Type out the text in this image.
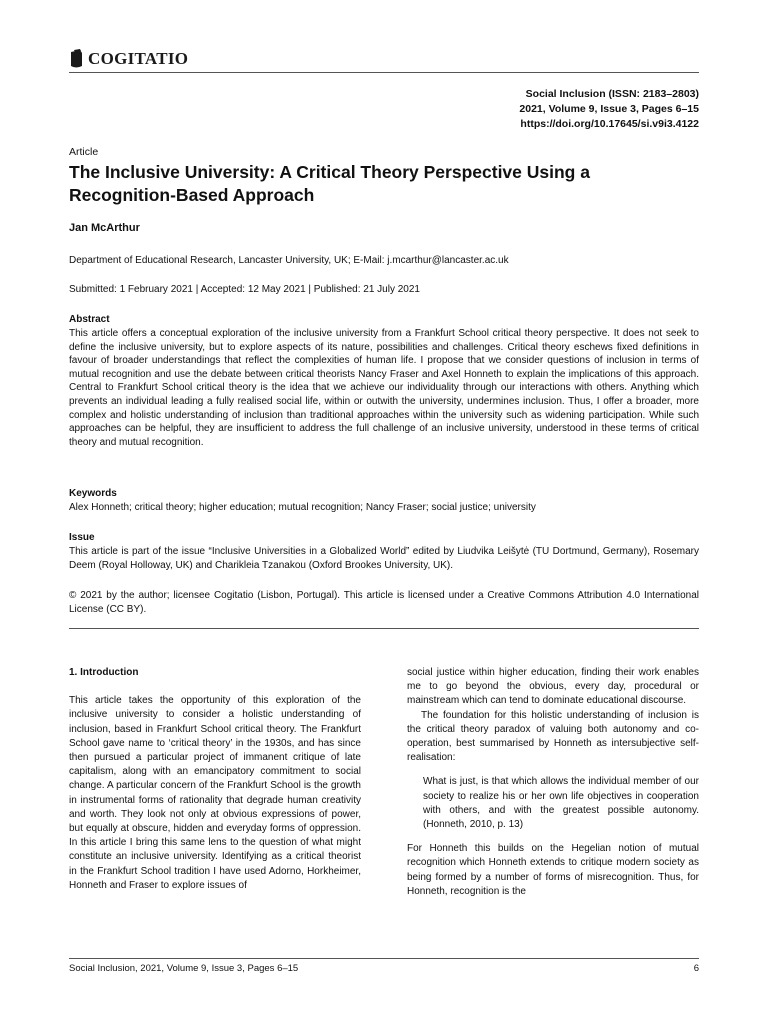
COGITATIO
Social Inclusion (ISSN: 2183–2803)
2021, Volume 9, Issue 3, Pages 6–15
https://doi.org/10.17645/si.v9i3.4122
Article
The Inclusive University: A Critical Theory Perspective Using a Recognition-Based Approach
Jan McArthur
Department of Educational Research, Lancaster University, UK; E-Mail: j.mcarthur@lancaster.ac.uk
Submitted: 1 February 2021 | Accepted: 12 May 2021 | Published: 21 July 2021
Abstract
This article offers a conceptual exploration of the inclusive university from a Frankfurt School critical theory perspective. It does not seek to define the inclusive university, but to explore aspects of its nature, possibilities and challenges. Critical theory eschews fixed definitions in favour of broader understandings that reflect the complexities of human life. I propose that we consider questions of inclusion in terms of mutual recognition and use the debate between critical theorists Nancy Fraser and Axel Honneth to explain the implications of this approach. Central to Frankfurt School critical theory is the idea that we achieve our individuality through our interactions with others. Anything which prevents an individual leading a fully realised social life, within or outwith the university, undermines inclusion. Thus, I offer a broader, more complex and holistic understanding of inclusion than traditional approaches within the university such as widening participation. While such approaches can be helpful, they are insufficient to address the full challenge of an inclusive university, understood in these terms of critical theory and mutual recognition.
Keywords
Alex Honneth; critical theory; higher education; mutual recognition; Nancy Fraser; social justice; university
Issue
This article is part of the issue “Inclusive Universities in a Globalized World” edited by Liudvika Leišytė (TU Dortmund, Germany), Rosemary Deem (Royal Holloway, UK) and Charikleia Tzanakou (Oxford Brookes University, UK).
© 2021 by the author; licensee Cogitatio (Lisbon, Portugal). This article is licensed under a Creative Commons Attribution 4.0 International License (CC BY).

1. Introduction

This article takes the opportunity of this exploration of the inclusive university to consider a holistic understanding of inclusion, based in Frankfurt School critical theory. The Frankfurt School gave name to ‘critical theory’ in the 1930s, and has since then pursued a particular project of immanent critique of late capitalism, along with an emancipatory commitment to social change. A particular concern of the Frankfurt School is the growth in instrumental forms of rationality that degrade human creativity and worth. They look not only at obvious expressions of power, but equally at obscure, hidden and everyday forms of oppression. In this article I bring this same lens to the question of what might constitute an inclusive university. Identifying as a critical theorist in the Frankfurt School tradition I have used Adorno, Horkheimer, Honneth and Fraser to explore issues of

social justice within higher education, finding their work enables me to go beyond the obvious, every day, procedural or mainstream which can tend to dominate educational discourse.

The foundation for this holistic understanding of inclusion is the critical theory paradox of valuing both autonomy and co-operation, best summarised by Honneth as intersubjective self-realisation:

What is just, is that which allows the individual member of our society to realize his or her own life objectives in cooperation with others, and with the greatest possible autonomy. (Honneth, 2010, p. 13)

For Honneth this builds on the Hegelian notion of mutual recognition which Honneth extends to critique modern society as being formed by a number of forms of misrecognition. Thus, for Honneth, recognition is the

Social Inclusion, 2021, Volume 9, Issue 3, Pages 6–15	6
